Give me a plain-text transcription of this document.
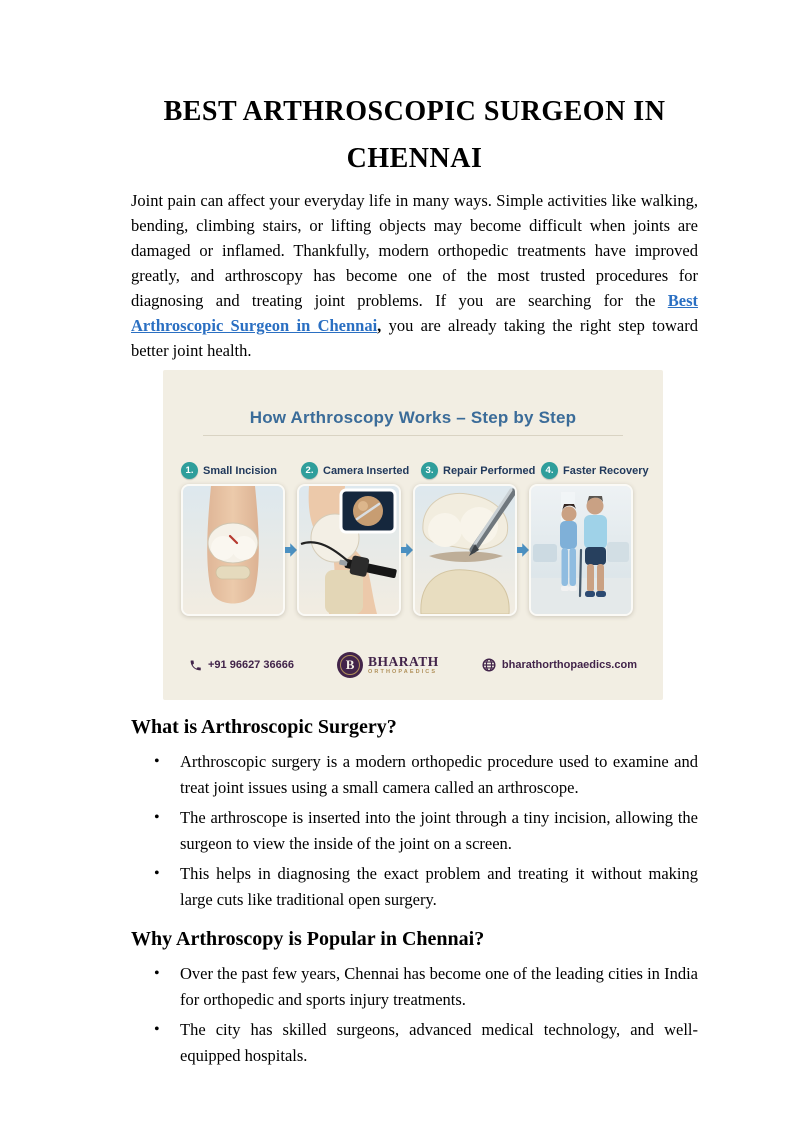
BEST ARTHROSCOPIC SURGEON IN
CHENNAI

Joint pain can affect your everyday life in many ways. Simple activities like walking, bending, climbing stairs, or lifting objects may become difficult when joints are damaged or inflamed. Thankfully, modern orthopedic treatments have improved greatly, and arthroscopy has become one of the most trusted procedures for diagnosing and treating joint problems. If you are searching for the Best Arthroscopic Surgeon in Chennai, you are already taking the right step toward better joint health.

How Arthroscopy Works – Step by Step
1. Small Incision	2. Camera Inserted	3. Repair Performed	4. Faster Recovery
+91 96627 36666	B	BHARATH
ORTHOPAEDICS
bharathorthopaedics.com
What is Arthroscopic Surgery?
• Arthroscopic surgery is a modern orthopedic procedure used to examine and treat joint issues using a small camera called an arthroscope.
• The arthroscope is inserted into the joint through a tiny incision, allowing the surgeon to view the inside of the joint on a screen.
• This helps in diagnosing the exact problem and treating it without making large cuts like traditional open surgery.
Why Arthroscopy is Popular in Chennai?
• Over the past few years, Chennai has become one of the leading cities in India for orthopedic and sports injury treatments.
• The city has skilled surgeons, advanced medical technology, and well-equipped hospitals.
